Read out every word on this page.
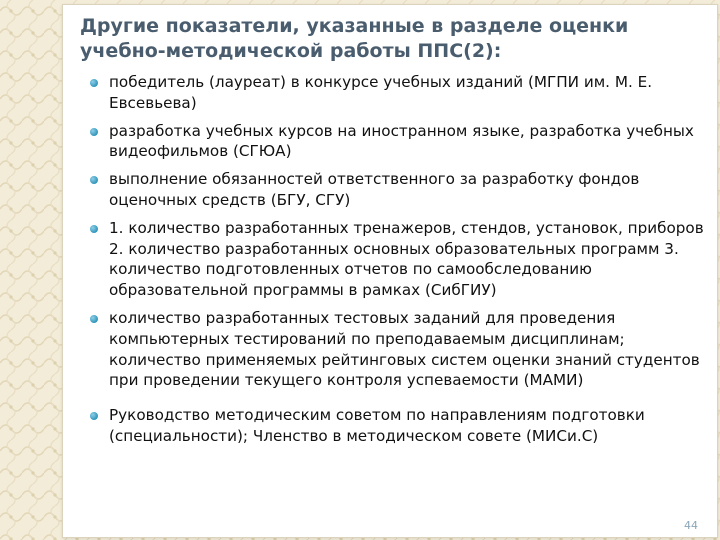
Другие показатели, указанные в разделе оценки учебно-методической работы ППС(2):
победитель (лауреат) в конкурсе учебных изданий (МГПИ им. М. Е. Евсевьева)
разработка учебных курсов на иностранном языке, разработка учебных видеофильмов (СГЮА)
выполнение обязанностей ответственного за разработку фондов оценочных средств (БГУ, СГУ)
1. количество разработанных тренажеров, стендов, установок, приборов 2. количество разработанных основных образовательных программ 3. количество подготовленных отчетов по самообследованию образовательной программы в рамках (СибГИУ)
количество разработанных тестовых заданий для проведения компьютерных тестирований по преподаваемым дисциплинам; количество применяемых рейтинговых систем оценки знаний студентов при проведении текущего контроля успеваемости (МАМИ)
Руководство методическим советом по направлениям подготовки (специальности); Членство в методическом совете (МИСи.С)
44
